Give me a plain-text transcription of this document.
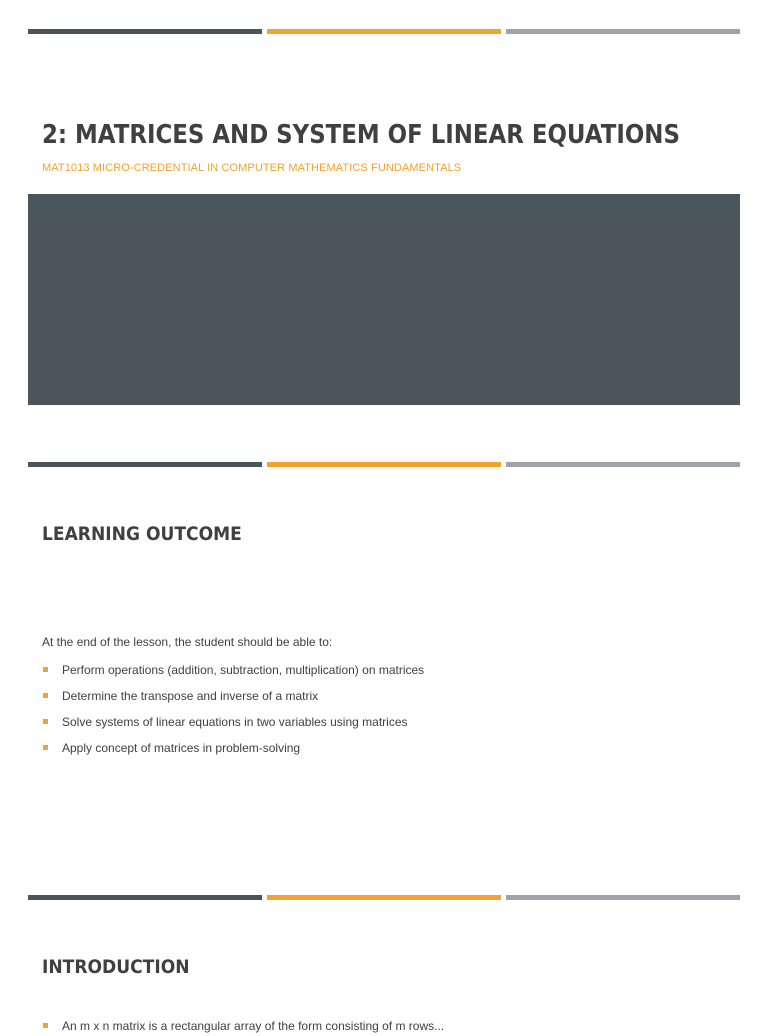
2: MATRICES AND SYSTEM OF LINEAR EQUATIONS
MAT1013 MICRO-CREDENTIAL IN COMPUTER MATHEMATICS FUNDAMENTALS
LEARNING OUTCOME
At the end of the lesson, the student should be able to:
Perform operations (addition, subtraction, multiplication) on matrices
Determine the transpose and inverse of a matrix
Solve systems of linear equations in two variables using matrices
Apply concept of matrices in problem-solving
INTRODUCTION
An m x n matrix is a rectangular array of the form consisting of m rows...
